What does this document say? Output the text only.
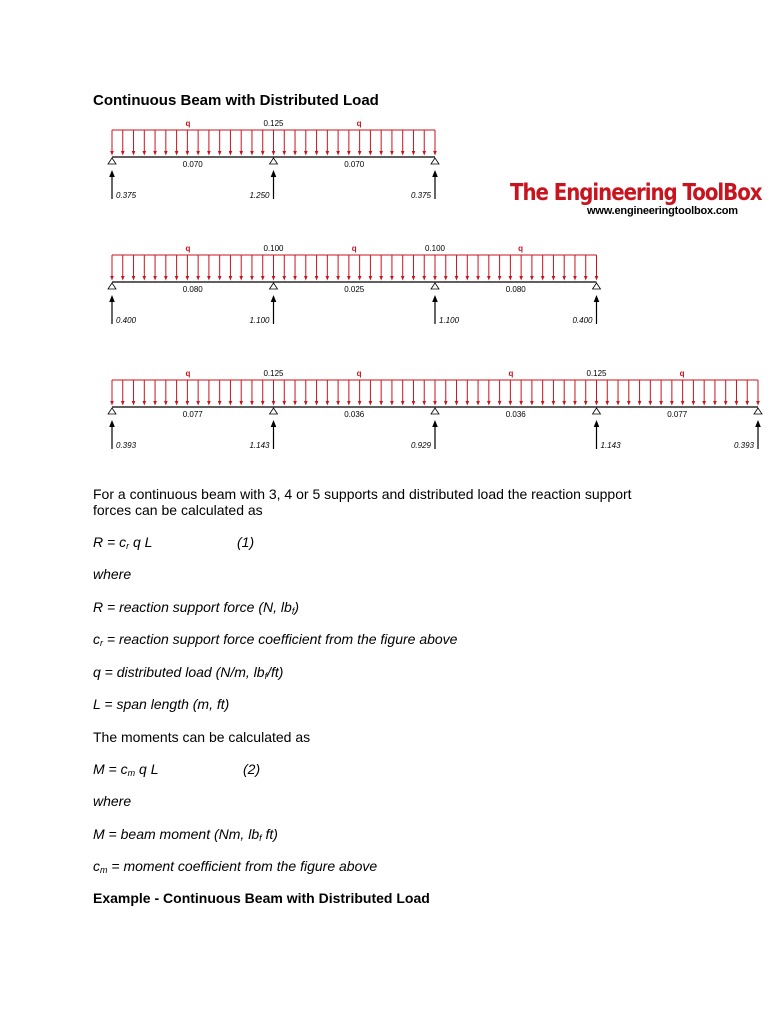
Continuous Beam with Distributed Load
0.375	1.250	0.375
0.070	0.070
0.125
q	q
0.400	1.100	1.100	0.400
0.080	0.025	0.080
0.100	0.100
q	q	q
0.393	1.143	0.929	1.143	0.393
0.077	0.036	0.036	0.077
0.125	0.125
q	q	q	q
The Engineering ToolBox
www.engineeringtoolbox.com
For a continuous beam with 3, 4 or 5 supports and distributed load the reaction support
forces can be calculated as
$R = c_r$ q L	(1)
where
R = reaction support force (N, $lb_f$)
$c_r$ = reaction support force coefficient from the figure above
q = distributed load (N/m, $lb_f/ft$)
L = span length (m, ft)
The moments can be calculated as
$M = c_m$ q L	(2)
where
M = beam moment (Nm, $lb_f$ ft)
$c_m$ = moment coefficient from the figure above
Example - Continuous Beam with Distributed Load
